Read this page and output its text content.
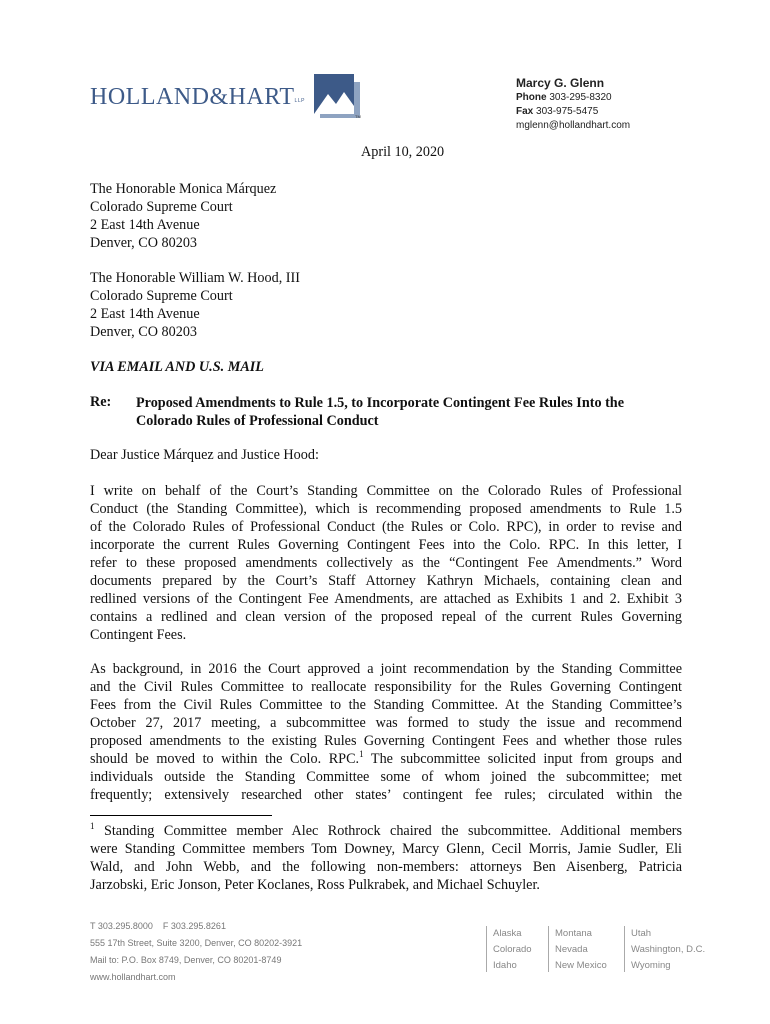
HOLLAND&HARTLLP
TM
Marcy G. Glenn
Phone 303-295-8320
Fax 303-975-5475
mglenn@hollandhart.com
April 10, 2020
The Honorable Monica Márquez
Colorado Supreme Court
2 East 14th Avenue
Denver, CO 80203
The Honorable William W. Hood, III
Colorado Supreme Court
2 East 14th Avenue
Denver, CO 80203
VIA EMAIL AND U.S. MAIL
Re: Proposed Amendments to Rule 1.5, to Incorporate Contingent Fee Rules Into the
Colorado Rules of Professional Conduct
Dear Justice Márquez and Justice Hood:
I write on behalf of the Court’s Standing Committee on the Colorado Rules of Professional
Conduct (the Standing Committee), which is recommending proposed amendments to Rule 1.5
of the Colorado Rules of Professional Conduct (the Rules or Colo. RPC), in order to revise and
incorporate the current Rules Governing Contingent Fees into the Colo. RPC. In this letter, I
refer to these proposed amendments collectively as the “Contingent Fee Amendments.” Word
documents prepared by the Court’s Staff Attorney Kathryn Michaels, containing clean and
redlined versions of the Contingent Fee Amendments, are attached as Exhibits 1 and 2. Exhibit 3
contains a redlined and clean version of the proposed repeal of the current Rules Governing
Contingent Fees.
As background, in 2016 the Court approved a joint recommendation by the Standing Committee
and the Civil Rules Committee to reallocate responsibility for the Rules Governing Contingent
Fees from the Civil Rules Committee to the Standing Committee. At the Standing Committee’s
October 27, 2017 meeting, a subcommittee was formed to study the issue and recommend
proposed amendments to the existing Rules Governing Contingent Fees and whether those rules
should be moved to within the Colo. RPC.$^1$ The subcommittee solicited input from groups and
individuals outside the Standing Committee some of whom joined the subcommittee; met
frequently; extensively researched other states’ contingent fee rules; circulated within the
$^1$ Standing Committee member Alec Rothrock chaired the subcommittee. Additional members
were Standing Committee members Tom Downey, Marcy Glenn, Cecil Morris, Jamie Sudler, Eli
Wald, and John Webb, and the following non-members: attorneys Ben Aisenberg, Patricia
Jarzobski, Eric Jonson, Peter Koclanes, Ross Pulkrabek, and Michael Schuyler.
T 303.295.8000    F 303.295.8261
555 17th Street, Suite 3200, Denver, CO 80202-3921
Mail to: P.O. Box 8749, Denver, CO 80201-8749
www.hollandhart.com
Alaska
Colorado
Idaho
Montana
Nevada
New Mexico
Utah
Washington, D.C.
Wyoming
